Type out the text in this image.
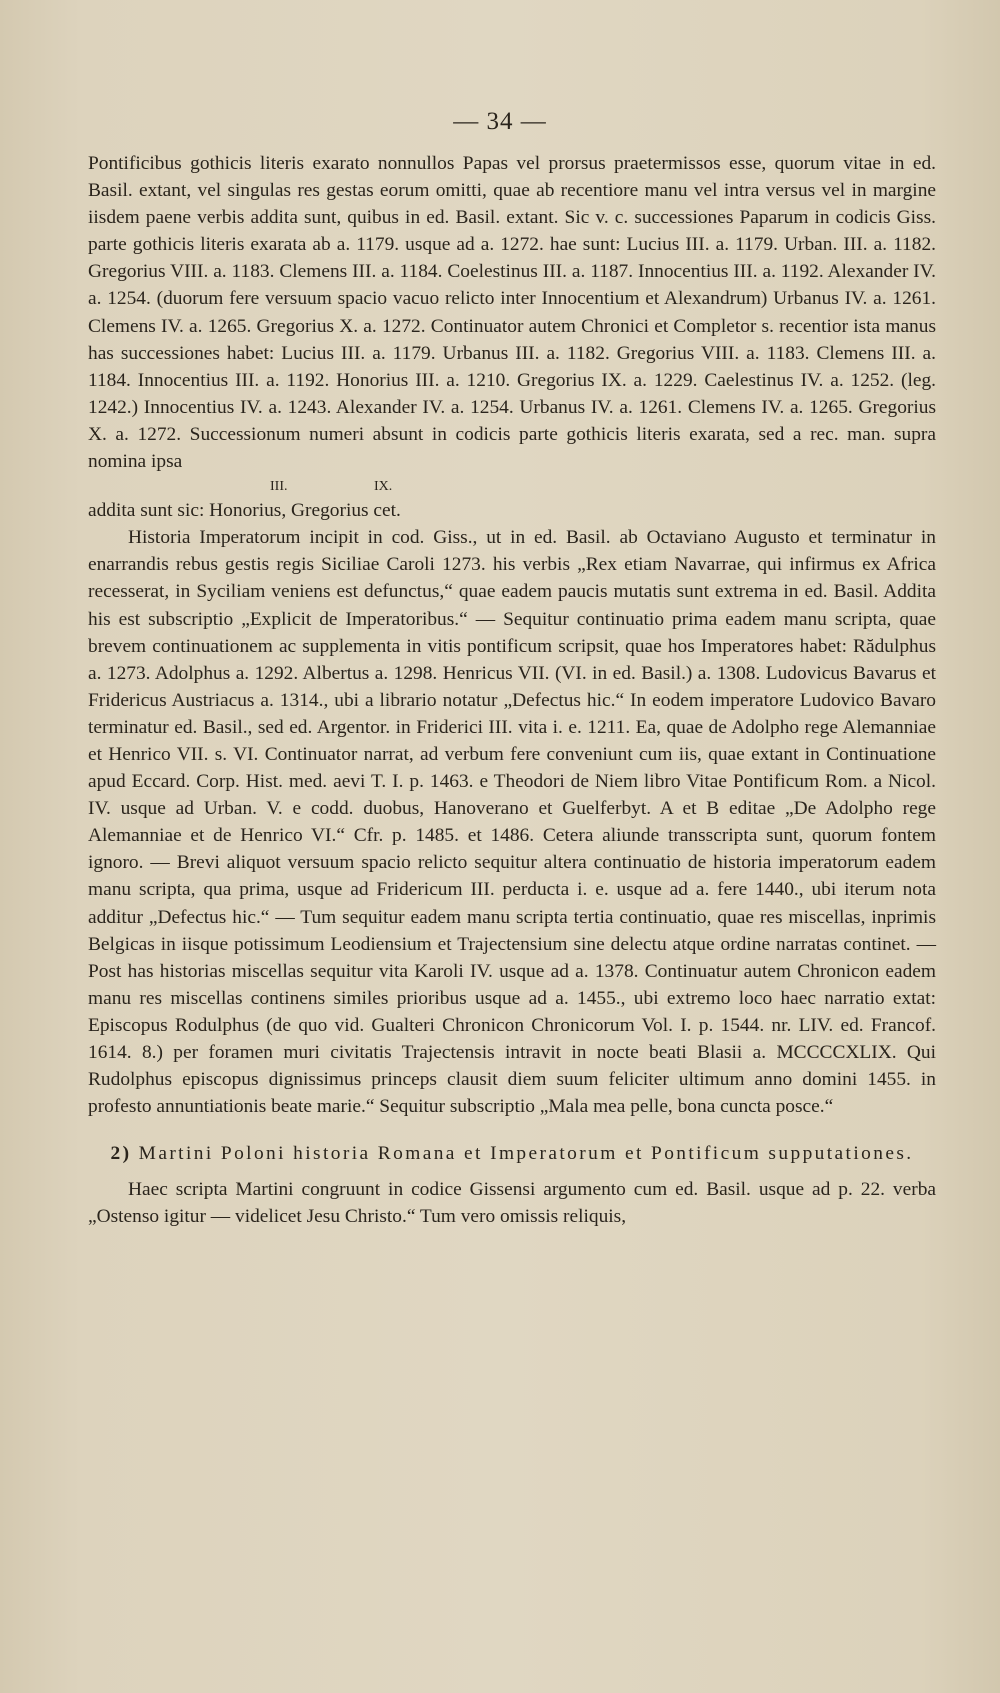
— 34 —

Pontificibus gothicis literis exarato nonnullos Papas vel prorsus praetermissos esse, quorum vitae in ed. Basil. extant, vel singulas res gestas eorum omitti, quae ab recentiore manu vel intra versus vel in margine iisdem paene verbis addita sunt, quibus in ed. Basil. extant. Sic v. c. successiones Paparum in codicis Giss. parte gothicis literis exarata ab a. 1179. usque ad a. 1272. hae sunt: Lucius III. a. 1179. Urban. III. a. 1182. Gregorius VIII. a. 1183. Clemens III. a. 1184. Coelestinus III. a. 1187. Innocentius III. a. 1192. Alexander IV. a. 1254. (duorum fere versuum spacio vacuo relicto inter Innocentium et Alexandrum) Urbanus IV. a. 1261. Clemens IV. a. 1265. Gregorius X. a. 1272. Continuator autem Chronici et Completor s. recentior ista manus has successiones habet: Lucius III. a. 1179. Urbanus III. a. 1182. Gregorius VIII. a. 1183. Clemens III. a. 1184. Innocentius III. a. 1192. Honorius III. a. 1210. Gregorius IX. a. 1229. Caelestinus IV. a. 1252. (leg. 1242.) Innocentius IV. a. 1243. Alexander IV. a. 1254. Urbanus IV. a. 1261. Clemens IV. a. 1265. Gregorius X. a. 1272. Successionum numeri absunt in codicis parte gothicis literis exarata, sed a rec. man. supra nomina ipsa

III.	IX.

addita sunt sic: Honorius, Gregorius cet.

Historia Imperatorum incipit in cod. Giss., ut in ed. Basil. ab Octaviano Augusto et terminatur in enarrandis rebus gestis regis Siciliae Caroli 1273. his verbis „Rex etiam Navarrae, qui infirmus ex Africa recesserat, in Syciliam veniens est defunctus,“ quae eadem paucis mutatis sunt extrema in ed. Basil. Addita his est subscriptio „Explicit de Imperatoribus.“ — Sequitur continuatio prima eadem manu scripta, quae brevem continuationem ac supplementa in vitis pontificum scripsit, quae hos Imperatores habet: Rădulphus a. 1273. Adolphus a. 1292. Albertus a. 1298. Henricus VII. (VI. in ed. Basil.) a. 1308. Ludovicus Bavarus et Fridericus Austriacus a. 1314., ubi a librario notatur „Defectus hic.“ In eodem imperatore Ludovico Bavaro terminatur ed. Basil., sed ed. Argentor. in Friderici III. vita i. e. 1211. Ea, quae de Adolpho rege Alemanniae et Henrico VII. s. VI. Continuator narrat, ad verbum fere conveniunt cum iis, quae extant in Continuatione apud Eccard. Corp. Hist. med. aevi T. I. p. 1463. e Theodori de Niem libro Vitae Pontificum Rom. a Nicol. IV. usque ad Urban. V. e codd. duobus, Hanoverano et Guelferbyt. A et B editae „De Adolpho rege Alemanniae et de Henrico VI.“ Cfr. p. 1485. et 1486. Cetera aliunde transscripta sunt, quorum fontem ignoro. — Brevi aliquot versuum spacio relicto sequitur altera continuatio de historia imperatorum eadem manu scripta, qua prima, usque ad Fridericum III. perducta i. e. usque ad a. fere 1440., ubi iterum nota additur „Defectus hic.“ — Tum sequitur eadem manu scripta tertia continuatio, quae res miscellas, inprimis Belgicas in iisque potissimum Leodiensium et Trajectensium sine delectu atque ordine narratas continet. — Post has historias miscellas sequitur vita Karoli IV. usque ad a. 1378. Continuatur autem Chronicon eadem manu res miscellas continens similes prioribus usque ad a. 1455., ubi extremo loco haec narratio extat: Episcopus Rodulphus (de quo vid. Gualteri Chronicon Chronicorum Vol. I. p. 1544. nr. LIV. ed. Francof. 1614. 8.) per foramen muri civitatis Trajectensis intravit in nocte beati Blasii a. MCCCCXLIX. Qui Rudolphus episcopus dignissimus princeps clausit diem suum feliciter ultimum anno domini 1455. in profesto annuntiationis beate marie.“ Sequitur subscriptio „Mala mea pelle, bona cuncta posce.“

2) Martini Poloni historia Romana et Imperatorum et Pontificum supputationes.

Haec scripta Martini congruunt in codice Gissensi argumento cum ed. Basil. usque ad p. 22. verba „Ostenso igitur — videlicet Jesu Christo.“ Tum vero omissis reliquis,
